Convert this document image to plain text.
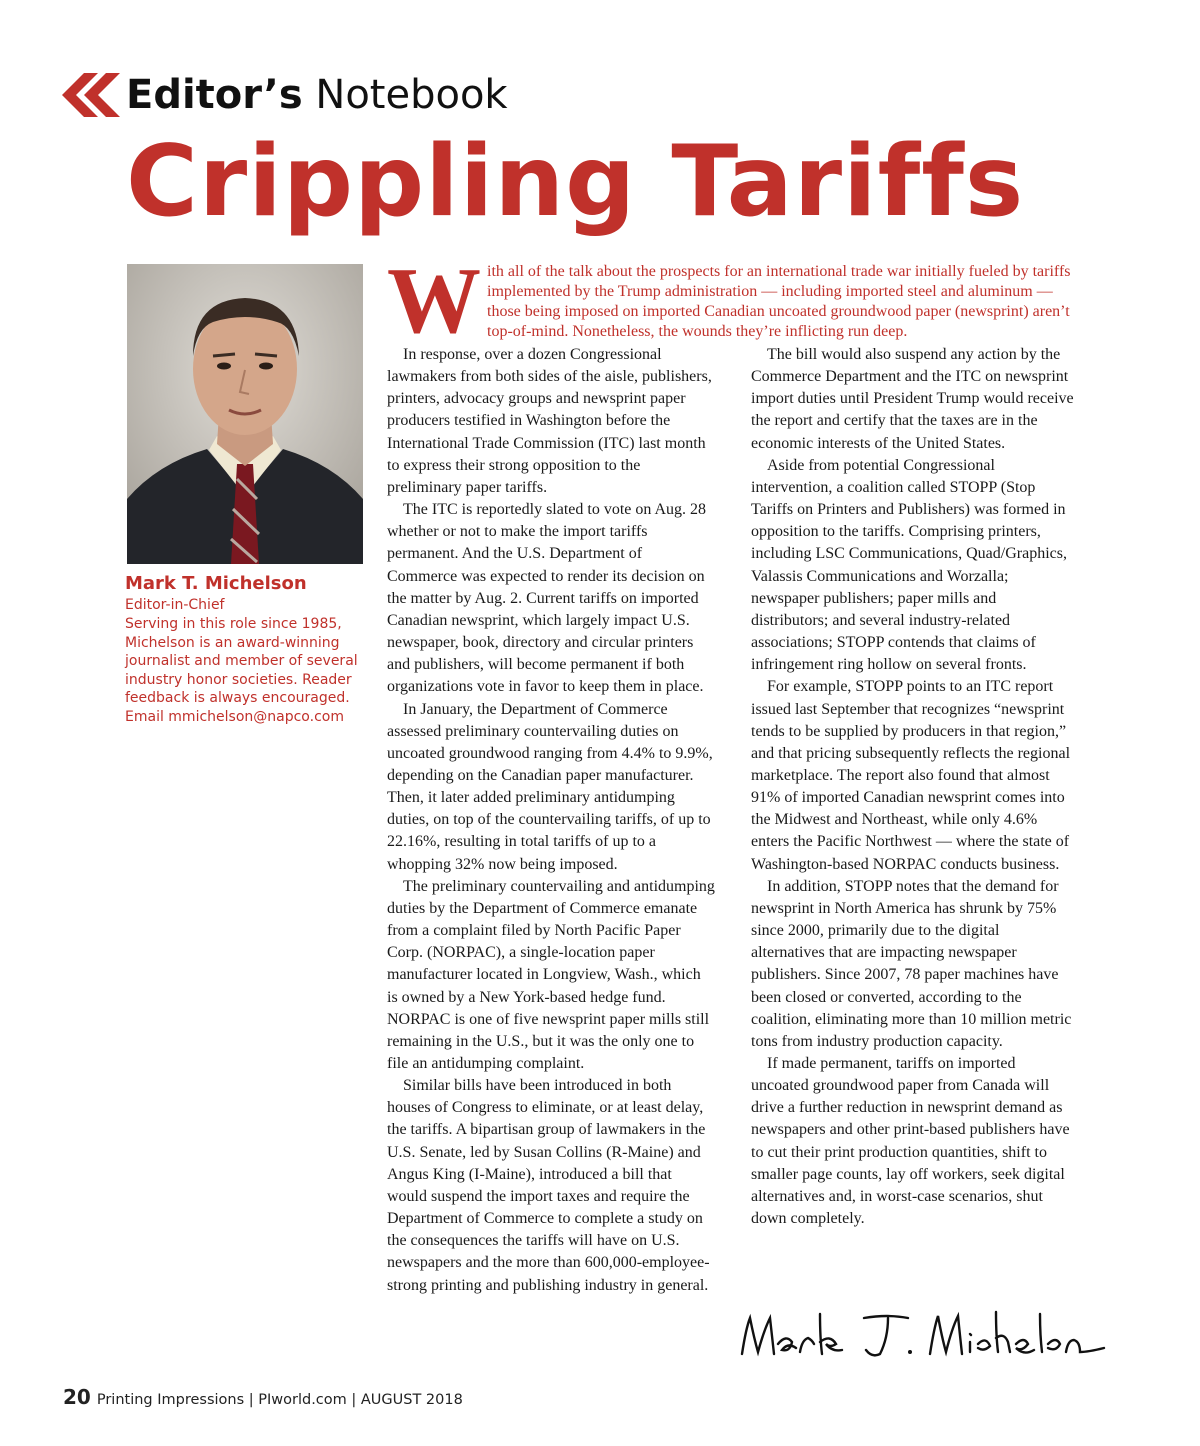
Editor’s Notebook
Crippling Tariffs
Mark T. Michelson
Editor-in-Chief
Serving in this role since 1985, Michelson is an award-winning journalist and member of several industry honor societies. Reader feedback is always encouraged. Email mmichelson@napco.com
W ith all of the talk about the prospects for an international trade war initially fueled by tariffs implemented by the Trump administration — including imported steel and aluminum — those being imposed on imported Canadian uncoated groundwood paper (newsprint) aren’t top-of-mind. Nonetheless, the wounds they’re inflicting run deep.

In response, over a dozen Congressional lawmakers from both sides of the aisle, publishers, printers, advocacy groups and newsprint paper producers testified in Washington before the International Trade Commission (ITC) last month to express their strong opposition to the preliminary paper tariffs.

The ITC is reportedly slated to vote on Aug. 28 whether or not to make the import tariffs permanent. And the U.S. Department of Commerce was expected to render its decision on the matter by Aug. 2. Current tariffs on imported Canadian newsprint, which largely impact U.S. newspaper, book, directory and circular printers and publishers, will become permanent if both organizations vote in favor to keep them in place.

In January, the Department of Commerce assessed preliminary countervailing duties on uncoated groundwood ranging from 4.4% to 9.9%, depending on the Canadian paper manufacturer. Then, it later added preliminary antidumping duties, on top of the countervailing tariffs, of up to 22.16%, resulting in total tariffs of up to a whopping 32% now being imposed.

The preliminary countervailing and antidumping duties by the Department of Commerce emanate from a complaint filed by North Pacific Paper Corp. (NORPAC), a single-location paper manufacturer located in Longview, Wash., which is owned by a New York-based hedge fund. NORPAC is one of five newsprint paper mills still remaining in the U.S., but it was the only one to file an antidumping complaint.

Similar bills have been introduced in both houses of Congress to eliminate, or at least delay, the tariffs. A bipartisan group of lawmakers in the U.S. Senate, led by Susan Collins (R-Maine) and Angus King (I-Maine), introduced a bill that would suspend the import taxes and require the Department of Commerce to complete a study on the consequences the tariffs will have on U.S. newspapers and the more than 600,000-employee-strong printing and publishing industry in general.

The bill would also suspend any action by the Commerce Department and the ITC on newsprint import duties until President Trump would receive the report and certify that the taxes are in the economic interests of the United States.

Aside from potential Congressional intervention, a coalition called STOPP (Stop Tariffs on Printers and Publishers) was formed in opposition to the tariffs. Comprising printers, including LSC Communications, Quad/Graphics, Valassis Communications and Worzalla; newspaper publishers; paper mills and distributors; and several industry-related associations; STOPP contends that claims of infringement ring hollow on several fronts.

For example, STOPP points to an ITC report issued last September that recognizes “newsprint tends to be supplied by producers in that region,” and that pricing subsequently reflects the regional marketplace. The report also found that almost 91% of imported Canadian newsprint comes into the Midwest and Northeast, while only 4.6% enters the Pacific Northwest — where the state of Washington-based NORPAC conducts business.

In addition, STOPP notes that the demand for newsprint in North America has shrunk by 75% since 2000, primarily due to the digital alternatives that are impacting newspaper publishers. Since 2007, 78 paper machines have been closed or converted, according to the coalition, eliminating more than 10 million metric tons from industry production capacity.

If made permanent, tariffs on imported uncoated groundwood paper from Canada will drive a further reduction in newsprint demand as newspapers and other print-based publishers have to cut their print production quantities, shift to smaller page counts, lay off workers, seek digital alternatives and, in worst-case scenarios, shut down completely.

20 Printing Impressions | PIworld.com | AUGUST 2018
